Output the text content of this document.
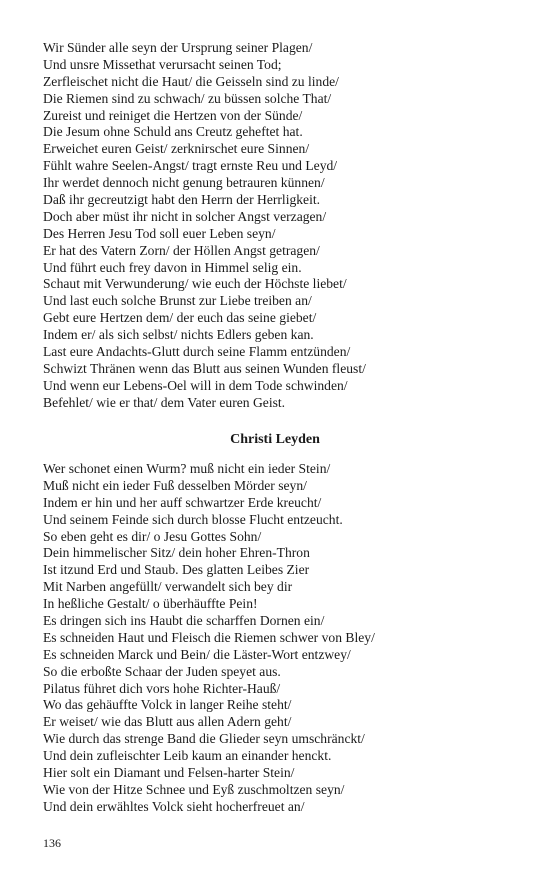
Wir Sünder alle seyn der Ursprung seiner Plagen/
Und unsre Missethat verursacht seinen Tod;
Zerfleischet nicht die Haut/ die Geisseln sind zu linde/
Die Riemen sind zu schwach/ zu büssen solche That/
Zureist und reiniget die Hertzen von der Sünde/
Die Jesum ohne Schuld ans Creutz geheftet hat.
Erweichet euren Geist/ zerknirschet eure Sinnen/
Fühlt wahre Seelen-Angst/ tragt ernste Reu und Leyd/
Ihr werdet dennoch nicht genung betrauren künnen/
Daß ihr gecreutzigt habt den Herrn der Herrligkeit.
Doch aber müst ihr nicht in solcher Angst verzagen/
Des Herren Jesu Tod soll euer Leben seyn/
Er hat des Vatern Zorn/ der Höllen Angst getragen/
Und führt euch frey davon in Himmel selig ein.
Schaut mit Verwunderung/ wie euch der Höchste liebet/
Und last euch solche Brunst zur Liebe treiben an/
Gebt eure Hertzen dem/ der euch das seine giebet/
Indem er/ als sich selbst/ nichts Edlers geben kan.
Last eure Andachts-Glutt durch seine Flamm entzünden/
Schwizt Thränen wenn das Blutt aus seinen Wunden fleust/
Und wenn eur Lebens-Oel will in dem Tode schwinden/
Befehlet/ wie er that/ dem Vater euren Geist.
Christi Leyden
Wer schonet einen Wurm? muß nicht ein ieder Stein/
Muß nicht ein ieder Fuß desselben Mörder seyn/
Indem er hin und her auff schwartzer Erde kreucht/
Und seinem Feinde sich durch blosse Flucht entzeucht.
So eben geht es dir/ o Jesu Gottes Sohn/
Dein himmelischer Sitz/ dein hoher Ehren-Thron
Ist itzund Erd und Staub. Des glatten Leibes Zier
Mit Narben angefüllt/ verwandelt sich bey dir
In heßliche Gestalt/ o überhäuffte Pein!
Es dringen sich ins Haubt die scharffen Dornen ein/
Es schneiden Haut und Fleisch die Riemen schwer von Bley/
Es schneiden Marck und Bein/ die Läster-Wort entzwey/
So die erboßte Schaar der Juden speyet aus.
Pilatus führet dich vors hohe Richter-Hauß/
Wo das gehäuffte Volck in langer Reihe steht/
Er weiset/ wie das Blutt aus allen Adern geht/
Wie durch das strenge Band die Glieder seyn umschränckt/
Und dein zufleischter Leib kaum an einander henckt.
Hier solt ein Diamant und Felsen-harter Stein/
Wie von der Hitze Schnee und Eyß zuschmoltzen seyn/
Und dein erwähltes Volck sieht hocherfreuet an/
136
